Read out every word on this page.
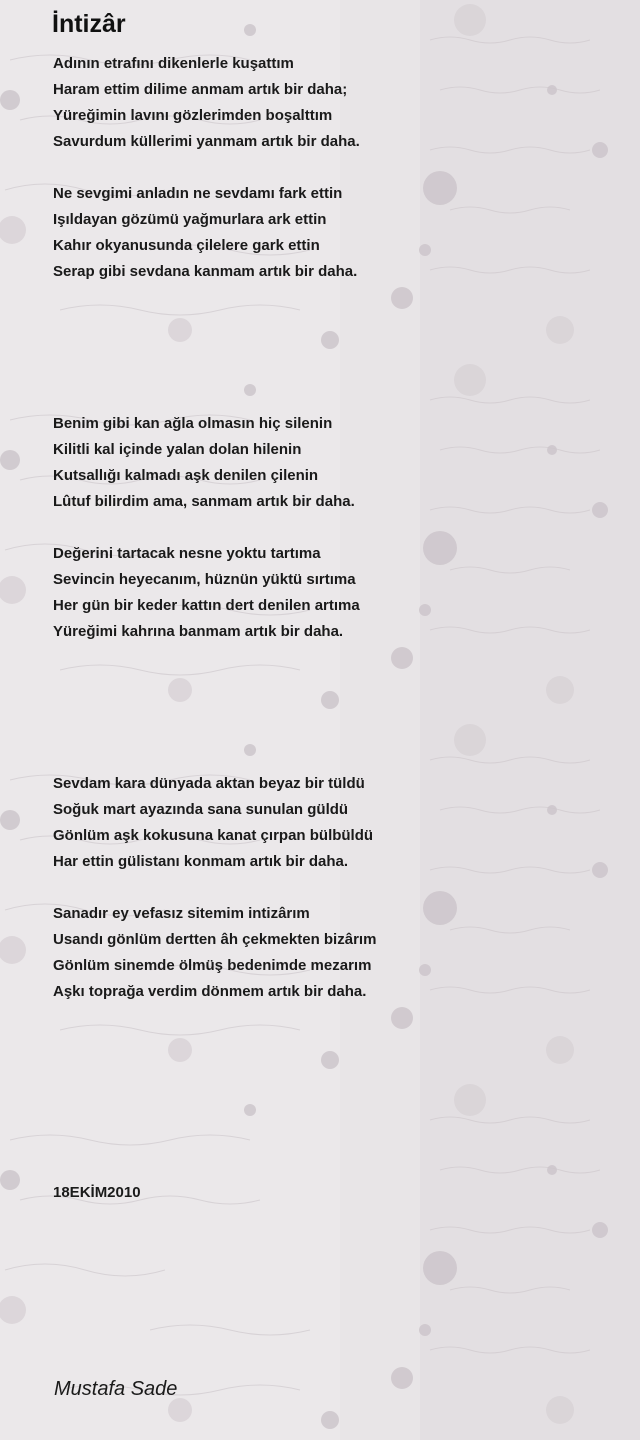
İntizâr
Adının etrafını dikenlerle kuşattım
Haram ettim dilime anmam artık bir daha;
Yüreğimin lavını gözlerimden boşalttım
Savurdum küllerimi yanmam artık bir daha.
Ne sevgimi anladın ne sevdamı fark ettin
Işıldayan gözümü yağmurlara ark ettin
Kahır okyanusunda çilelere gark ettin
Serap gibi sevdana kanmam artık bir daha.
Benim gibi kan ağla olmasın hiç silenin
Kilitli kal içinde yalan dolan hilenin
Kutsallığı kalmadı aşk denilen çilenin
Lûtuf bilirdim ama, sanmam artık bir daha.
Değerini tartacak nesne yoktu tartıma
Sevincin heyecanım, hüznün yüktü sırtıma
Her gün bir keder kattın dert denilen artıma
Yüreğimi kahrına banmam artık bir daha.
Sevdam kara dünyada aktan beyaz bir tüldü
Soğuk mart ayazında sana sunulan güldü
Gönlüm aşk kokusuna kanat çırpan bülbüldü
Har ettin gülistanı konmam artık bir daha.
Sanadır ey vefasız sitemim intizârım
Usandı gönlüm dertten âh çekmekten bizârım
Gönlüm sinemde ölmüş bedenimde mezarım
Aşkı toprağa verdim dönmem artık bir daha.
18EKİM2010
Mustafa Sade
